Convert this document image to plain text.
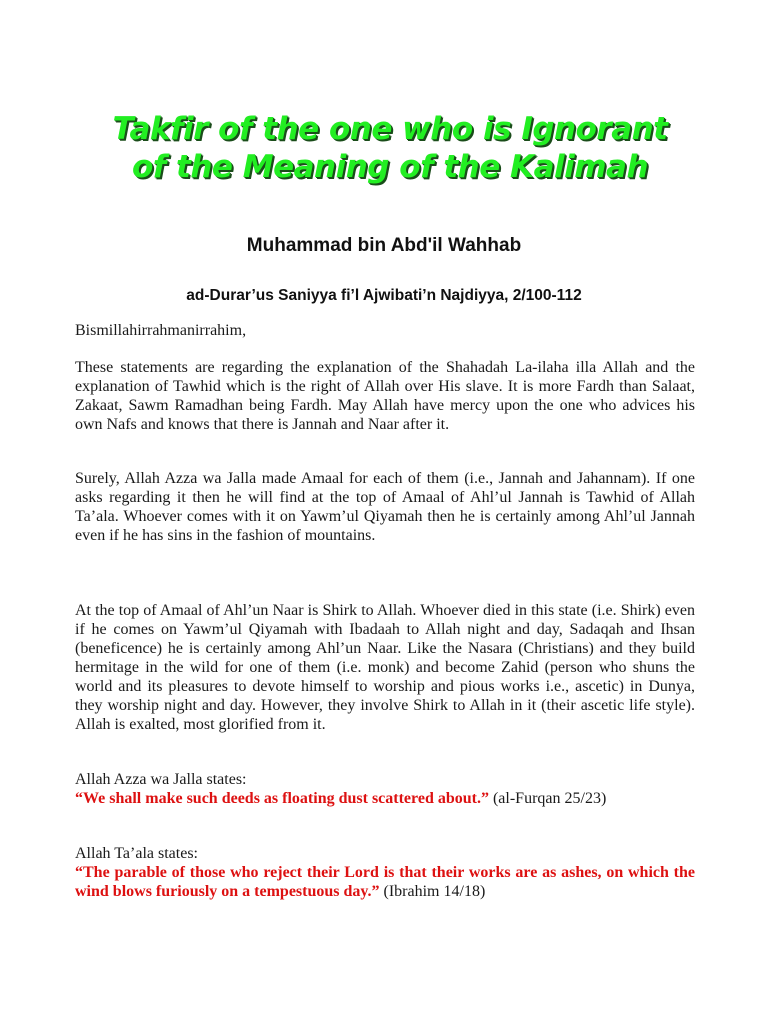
Takfir of the one who is Ignorant
of the Meaning of the Kalimah

Muhammad bin Abd'il Wahhab

ad-Durar’us Saniyya fi’l Ajwibati’n Najdiyya, 2/100-112

Bismillahirrahmanirrahim,

These statements are regarding the explanation of the Shahadah La-ilaha illa Allah and the explanation of Tawhid which is the right of Allah over His slave. It is more Fardh than Salaat, Zakaat, Sawm Ramadhan being Fardh. May Allah have mercy upon the one who advices his own Nafs and knows that there is Jannah and Naar after it.

Surely, Allah Azza wa Jalla made Amaal for each of them (i.e., Jannah and Jahannam). If one asks regarding it then he will find at the top of Amaal of Ahl’ul Jannah is Tawhid of Allah Ta’ala. Whoever comes with it on Yawm’ul Qiyamah then he is certainly among Ahl’ul Jannah even if he has sins in the fashion of mountains.

At the top of Amaal of Ahl’un Naar is Shirk to Allah. Whoever died in this state (i.e. Shirk) even if he comes on Yawm’ul Qiyamah with Ibadaah to Allah night and day, Sadaqah and Ihsan (beneficence) he is certainly among Ahl’un Naar. Like the Nasara (Christians) and they build hermitage in the wild for one of them (i.e. monk) and become Zahid (person who shuns the world and its pleasures to devote himself to worship and pious works i.e., ascetic) in Dunya, they worship night and day. However, they involve Shirk to Allah in it (their ascetic life style). Allah is exalted, most glorified from it.

Allah Azza wa Jalla states:

“We shall make such deeds as floating dust scattered about.” (al-Furqan 25/23)

Allah Ta’ala states:

“The parable of those who reject their Lord is that their works are as ashes, on which the wind blows furiously on a tempestuous day.” (Ibrahim 14/18)
